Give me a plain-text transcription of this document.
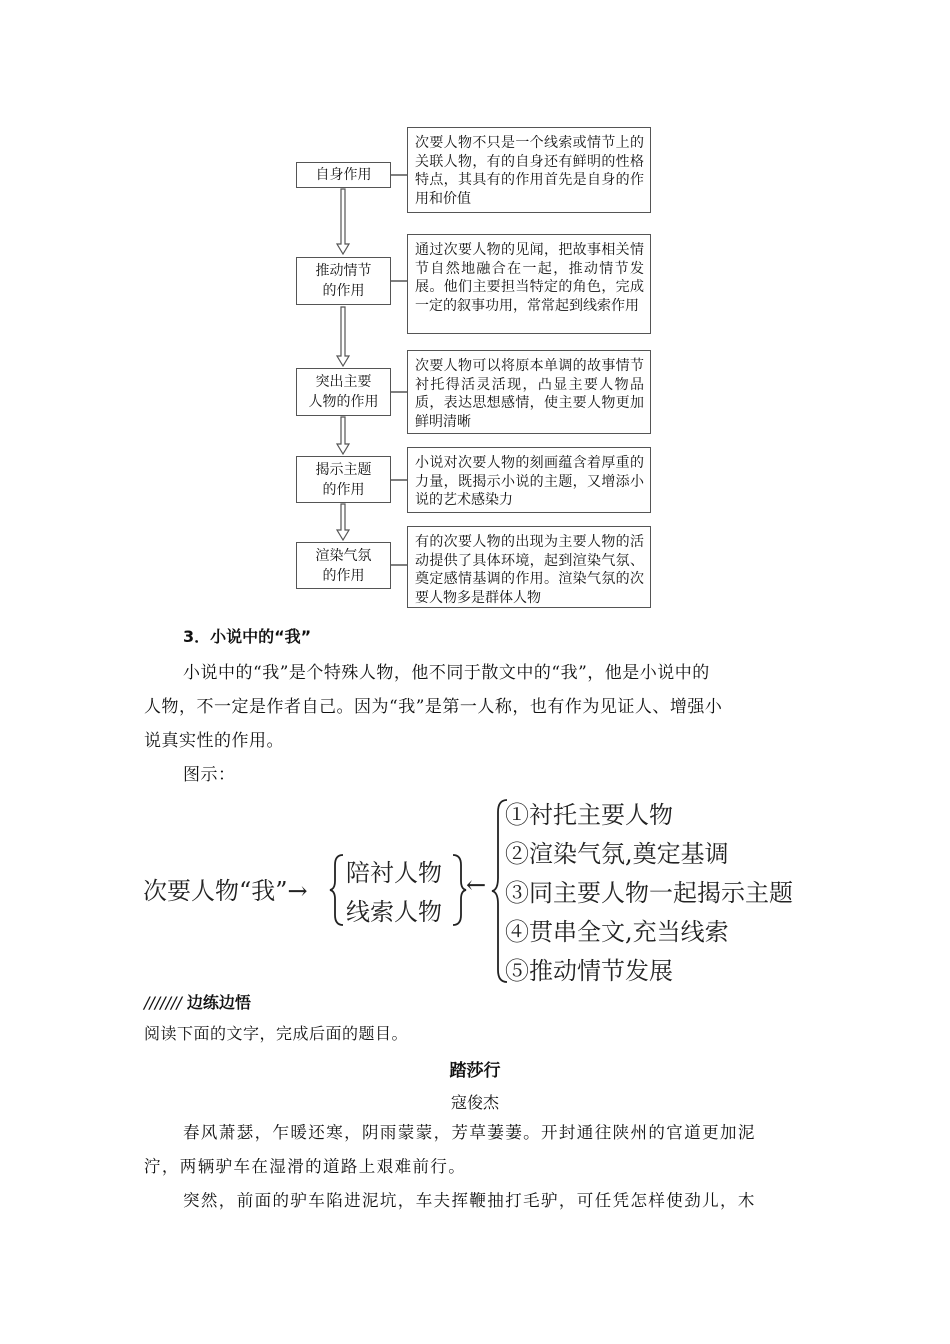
自身作用
次要人物不只是一个线索或情节上的关联人物，有的自身还有鲜明的性格特点，其具有的作用首先是自身的作用和价值
推动情节
的作用
通过次要人物的见闻，把故事相关情节自然地融合在一起，推动情节发展。他们主要担当特定的角色，完成一定的叙事功用，常常起到线索作用
突出主要
人物的作用
次要人物可以将原本单调的故事情节衬托得活灵活现，凸显主要人物品质，表达思想感情，使主要人物更加鲜明清晰
揭示主题
的作用
小说对次要人物的刻画蕴含着厚重的力量，既揭示小说的主题，又增添小说的艺术感染力
渲染气氛
的作用
有的次要人物的出现为主要人物的活动提供了具体环境，起到渲染气氛、奠定感情基调的作用。渲染气氛的次要人物多是群体人物
3．小说中的“我”
小说中的“我”是个特殊人物，他不同于散文中的“我”，他是小说中的
人物，不一定是作者自己。因为“我”是第一人称，也有作为见证人、增强小
说真实性的作用。
图示：
次要人物“我”→
陪衬人物
线索人物
←
①衬托主要人物
②渲染气氛,奠定基调
③同主要人物一起揭示主题
④贯串全文,充当线索
⑤推动情节发展
/////// 边练边悟
阅读下面的文字，完成后面的题目。
踏莎行
寇俊杰
春风萧瑟，乍暖还寒，阴雨蒙蒙，芳草萋萋。开封通往陕州的官道更加泥
泞，两辆驴车在湿滑的道路上艰难前行。
突然，前面的驴车陷进泥坑，车夫挥鞭抽打毛驴，可任凭怎样使劲儿，木
